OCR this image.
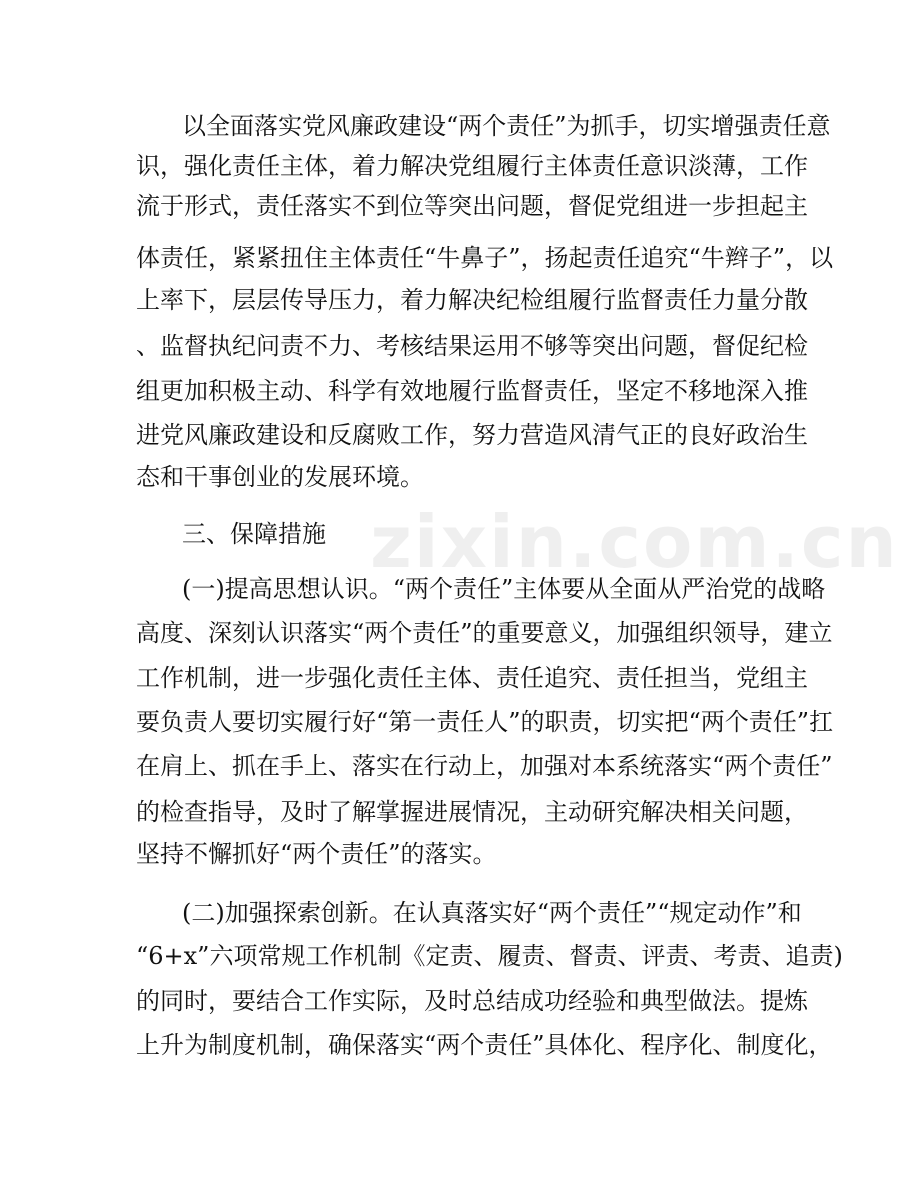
zixin.com.cn
以全面落实党风廉政建设“两个责任”为抓手，切实增强责任意
识，强化责任主体，着力解决党组履行主体责任意识淡薄，工作
流于形式，责任落实不到位等突出问题，督促党组进一步担起主
体责任，紧紧扭住主体责任“牛鼻子”，扬起责任追究“牛辫子”，以
上率下，层层传导压力，着力解决纪检组履行监督责任力量分散
、监督执纪问责不力、考核结果运用不够等突出问题，督促纪检
组更加积极主动、科学有效地履行监督责任，坚定不移地深入推
进党风廉政建设和反腐败工作，努力营造风清气正的良好政治生
态和干事创业的发展环境。
三、保障措施
(一)提高思想认识。“两个责任”主体要从全面从严治党的战略
高度、深刻认识落实“两个责任”的重要意义，加强组织领导，建立
工作机制，进一步强化责任主体、责任追究、责任担当，党组主
要负责人要切实履行好“第一责任人”的职责，切实把“两个责任”扛
在肩上、抓在手上、落实在行动上，加强对本系统落实“两个责任”
的检查指导，及时了解掌握进展情况，主动研究解决相关问题，
坚持不懈抓好“两个责任”的落实。
(二)加强探索创新。在认真落实好“两个责任”“规定动作”和
“6+x”六项常规工作机制《定责、履责、督责、评责、考责、追责)
的同时，要结合工作实际，及时总结成功经验和典型做法。提炼
上升为制度机制，确保落实“两个责任”具体化、程序化、制度化，
